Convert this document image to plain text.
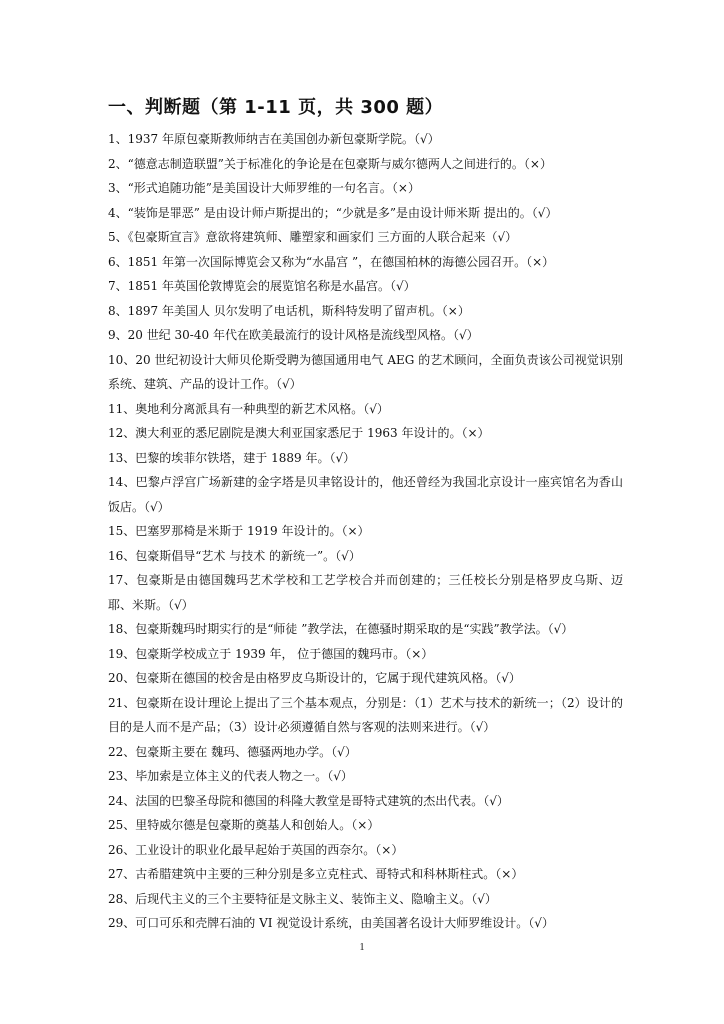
一、判断题（第 1-11 页，共 300 题）

1、1937 年原包豪斯教师纳吉在美国创办新包豪斯学院。（√）

2、“德意志制造联盟”关于标准化的争论是在包豪斯与威尔德两人之间进行的。（×）

3、“形式追随功能”是美国设计大师罗维的一句名言。（×）

4、“装饰是罪恶” 是由设计师卢斯提出的；“少就是多”是由设计师米斯 提出的。（√）

5、《包豪斯宣言》意欲将建筑师、雕塑家和画家们 三方面的人联合起来（√）

6、1851 年第一次国际博览会又称为“水晶宫 ”，在德国柏林的海德公园召开。（×）

7、1851 年英国伦敦博览会的展览馆名称是水晶宫。（√）

8、1897 年美国人 贝尔发明了电话机，斯科特发明了留声机。（×）

9、20 世纪 30-40 年代在欧美最流行的设计风格是流线型风格。（√）

10、20 世纪初设计大师贝伦斯受聘为德国通用电气 AEG 的艺术顾问，全面负责该公司视觉识别系统、建筑、产品的设计工作。（√）

11、奥地利分离派具有一种典型的新艺术风格。（√）

12、澳大利亚的悉尼剧院是澳大利亚国家悉尼于 1963 年设计的。（×）

13、巴黎的埃菲尔铁塔，建于 1889 年。（√）

14、巴黎卢浮宫广场新建的金字塔是贝聿铭设计的，他还曾经为我国北京设计一座宾馆名为香山饭店。（√）

15、巴塞罗那椅是米斯于 1919 年设计的。（×）

16、包豪斯倡导“艺术 与技术 的新统一”。（√）

17、包豪斯是由德国魏玛艺术学校和工艺学校合并而创建的；三任校长分别是格罗皮乌斯、迈耶、米斯。（√）

18、包豪斯魏玛时期实行的是“师徒 ”教学法，在德骚时期采取的是“实践”教学法。（√）

19、包豪斯学校成立于 1939 年， 位于德国的魏玛市。（×）

20、包豪斯在德国的校舍是由格罗皮乌斯设计的，它属于现代建筑风格。（√）

21、包豪斯在设计理论上提出了三个基本观点，分别是：（1）艺术与技术的新统一；（2）设计的目的是人而不是产品；（3）设计必须遵循自然与客观的法则来进行。（√）

22、包豪斯主要在 魏玛、德骚两地办学。（√）

23、毕加索是立体主义的代表人物之一。（√）

24、法国的巴黎圣母院和德国的科隆大教堂是哥特式建筑的杰出代表。（√）

25、里特威尔德是包豪斯的奠基人和创始人。（×）

26、工业设计的职业化最早起始于英国的西奈尔。（×）

27、古希腊建筑中主要的三种分别是多立克柱式、哥特式和科林斯柱式。（×）

28、后现代主义的三个主要特征是文脉主义、装饰主义、隐喻主义。（√）

29、可口可乐和壳牌石油的 VI 视觉设计系统，由美国著名设计大师罗维设计。（√）

1
